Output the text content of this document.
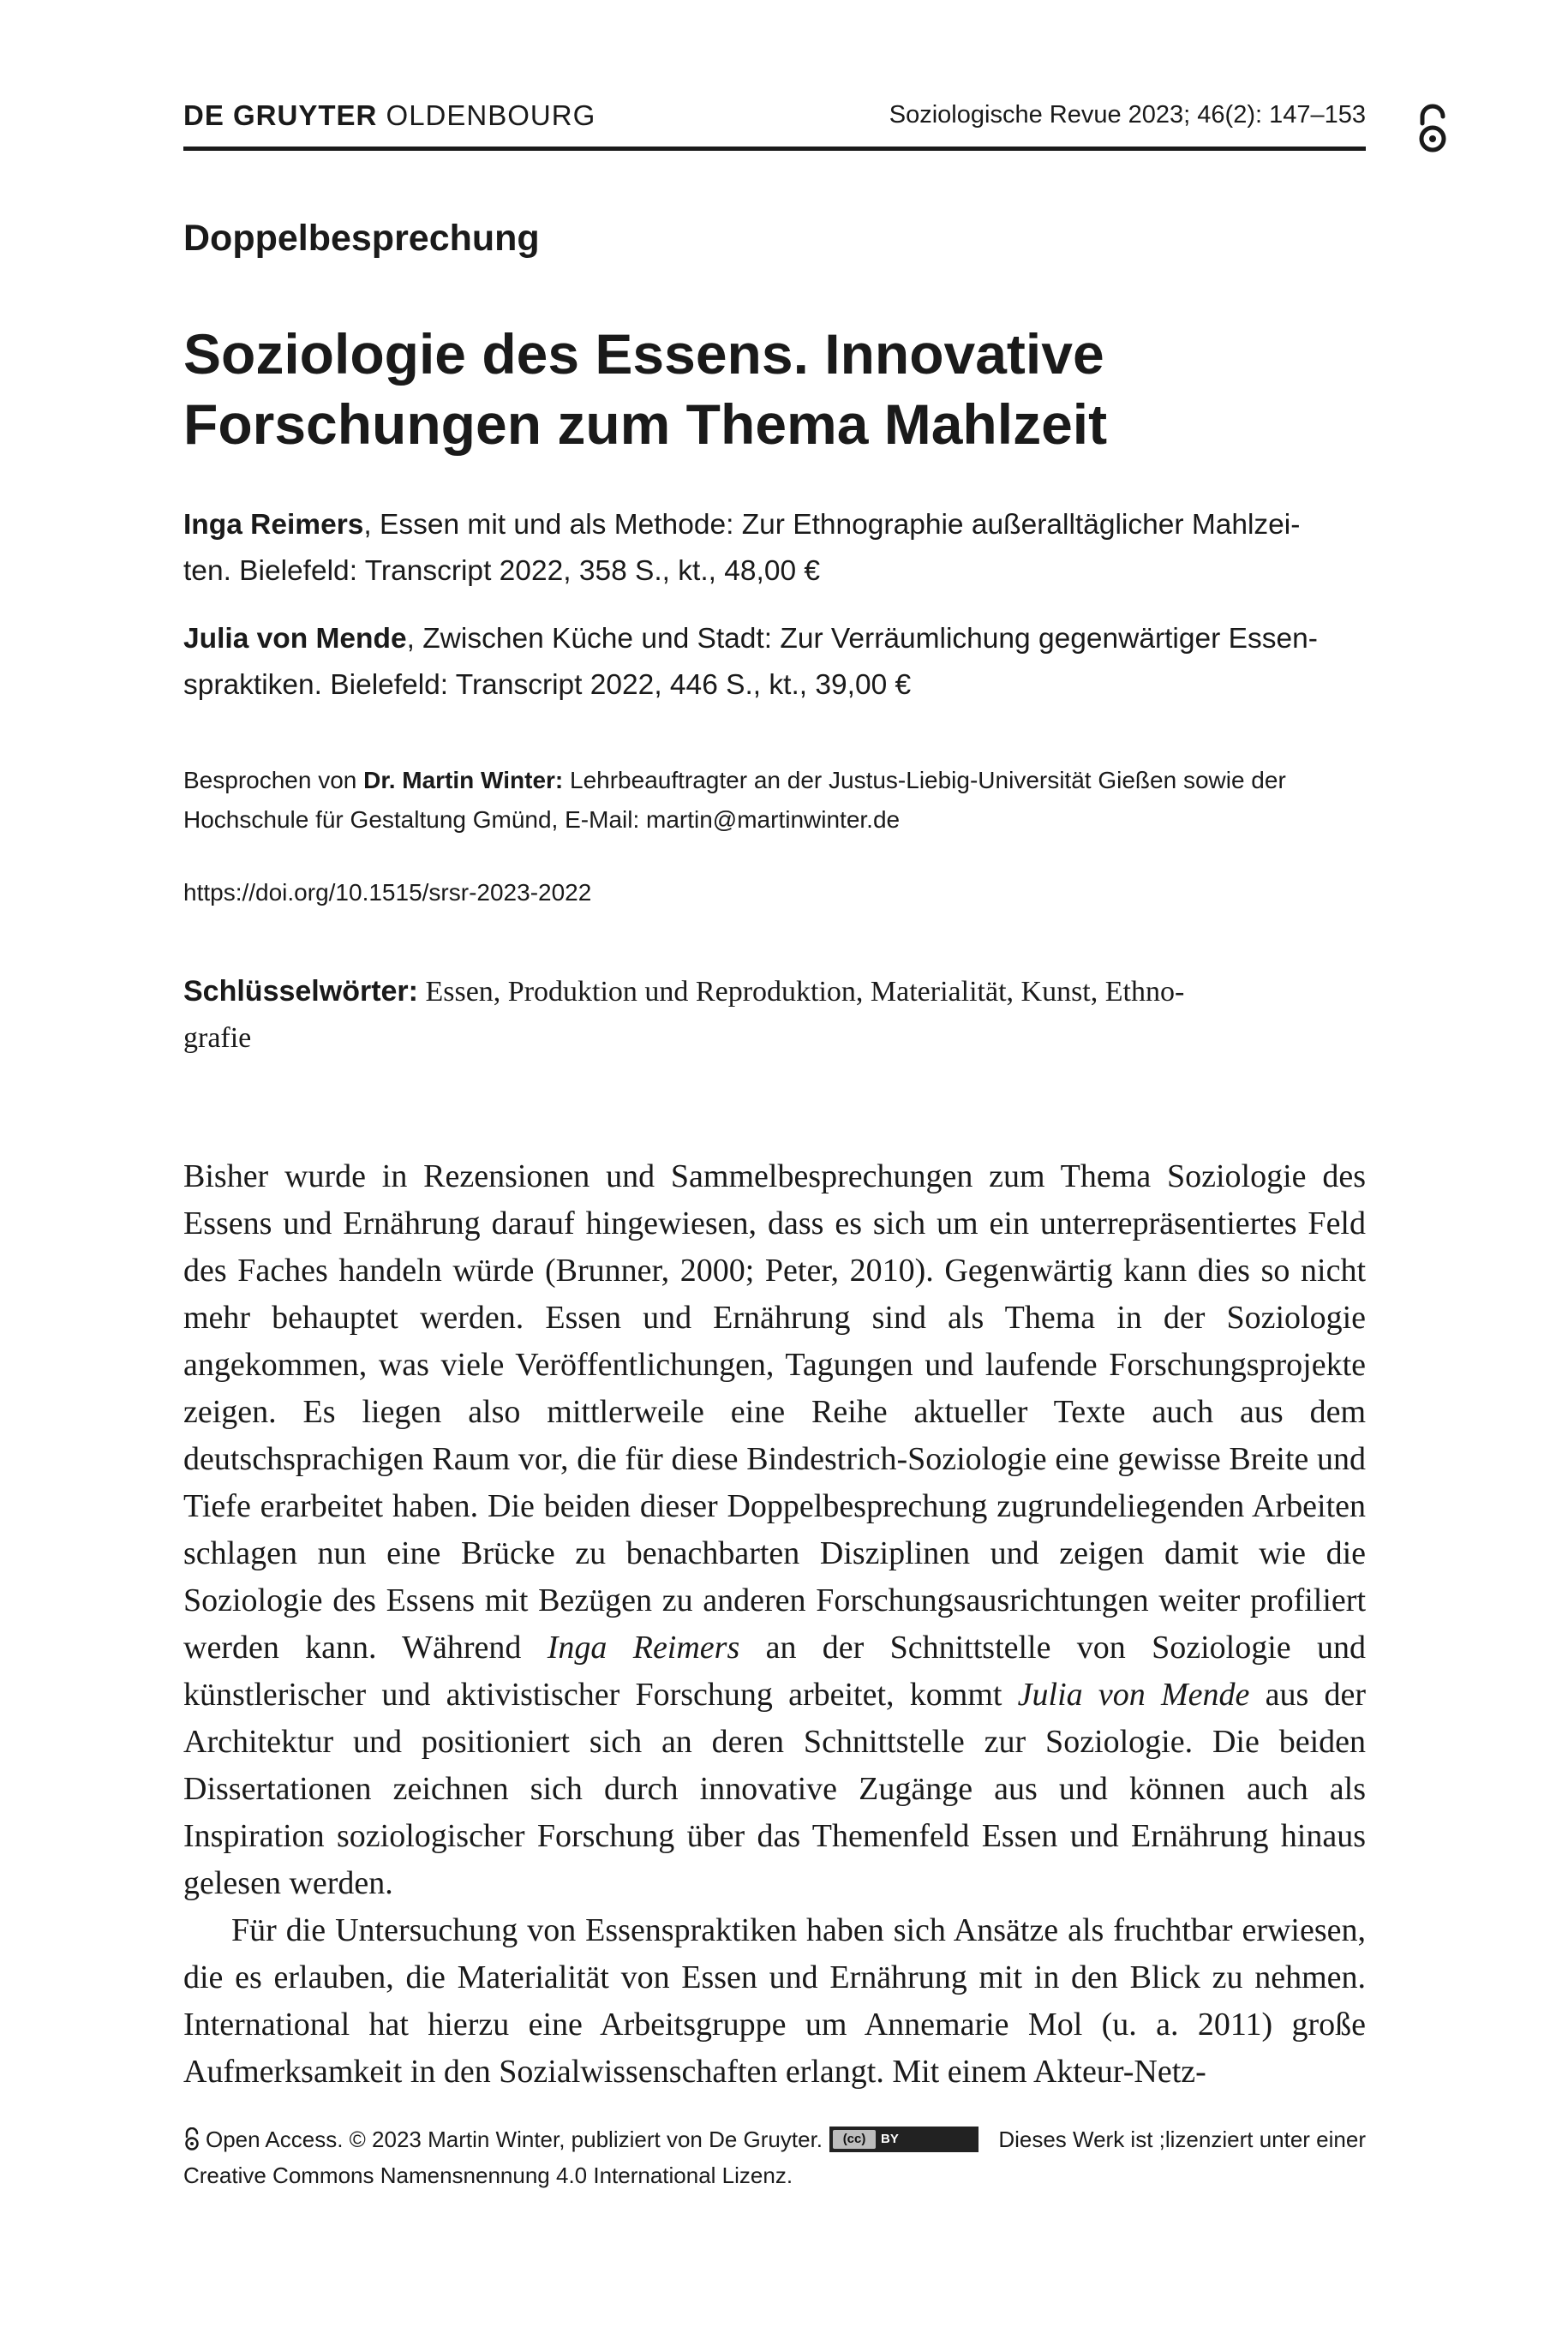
DE GRUYTER OLDENBOURG	Soziologische Revue 2023; 46(2): 147–153
Doppelbesprechung
Soziologie des Essens. Innovative
Forschungen zum Thema Mahlzeit
Inga Reimers, Essen mit und als Methode: Zur Ethnographie außeralltäglicher Mahlzei-
ten. Bielefeld: Transcript 2022, 358 S., kt., 48,00 €
Julia von Mende, Zwischen Küche und Stadt: Zur Verräumlichung gegenwärtiger Essen-
spraktiken. Bielefeld: Transcript 2022, 446 S., kt., 39,00 €
Besprochen von Dr. Martin Winter: Lehrbeauftragter an der Justus-Liebig-Universität Gießen sowie der
Hochschule für Gestaltung Gmünd, E-Mail: martin@martinwinter.de
https://doi.org/10.1515/srsr-2023-2022
Schlüsselwörter: Essen, Produktion und Reproduktion, Materialität, Kunst, Ethno-
grafie

Bisher wurde in Rezensionen und Sammelbesprechungen zum Thema Soziologie des Essens und Ernährung darauf hingewiesen, dass es sich um ein unterrepräsentiertes Feld des Faches handeln würde (Brunner, 2000; Peter, 2010). Gegenwärtig kann dies so nicht mehr behauptet werden. Essen und Ernährung sind als Thema in der Soziologie angekommen, was viele Veröffentlichungen, Tagungen und laufende Forschungsprojekte zeigen. Es liegen also mittlerweile eine Reihe aktueller Texte auch aus dem deutschsprachigen Raum vor, die für diese Bindestrich-Soziologie eine gewisse Breite und Tiefe erarbeitet haben. Die beiden dieser Doppelbesprechung zugrundeliegenden Arbeiten schlagen nun eine Brücke zu benachbarten Disziplinen und zeigen damit wie die Soziologie des Essens mit Bezügen zu anderen Forschungsausrichtungen weiter profiliert werden kann. Während Inga Reimers an der Schnittstelle von Soziologie und künstlerischer und aktivistischer Forschung arbeitet, kommt Julia von Mende aus der Architektur und positioniert sich an deren Schnittstelle zur Soziologie. Die beiden Dissertationen zeichnen sich durch innovative Zugänge aus und können auch als Inspiration soziologischer Forschung über das Themenfeld Essen und Ernährung hinaus gelesen werden.

Für die Untersuchung von Essenspraktiken haben sich Ansätze als fruchtbar erwiesen, die es erlauben, die Materialität von Essen und Ernährung mit in den Blick zu nehmen. International hat hierzu eine Arbeitsgruppe um Annemarie Mol (u. a. 2011) große Aufmerksamkeit in den Sozialwissenschaften erlangt. Mit einem Akteur-Netz-

Open Access. © 2023 Martin Winter, publiziert von De Gruyter.	(cc)	BY	Dieses Werk ist ;lizenziert unter einer
Creative Commons Namensnennung 4.0 International Lizenz.
